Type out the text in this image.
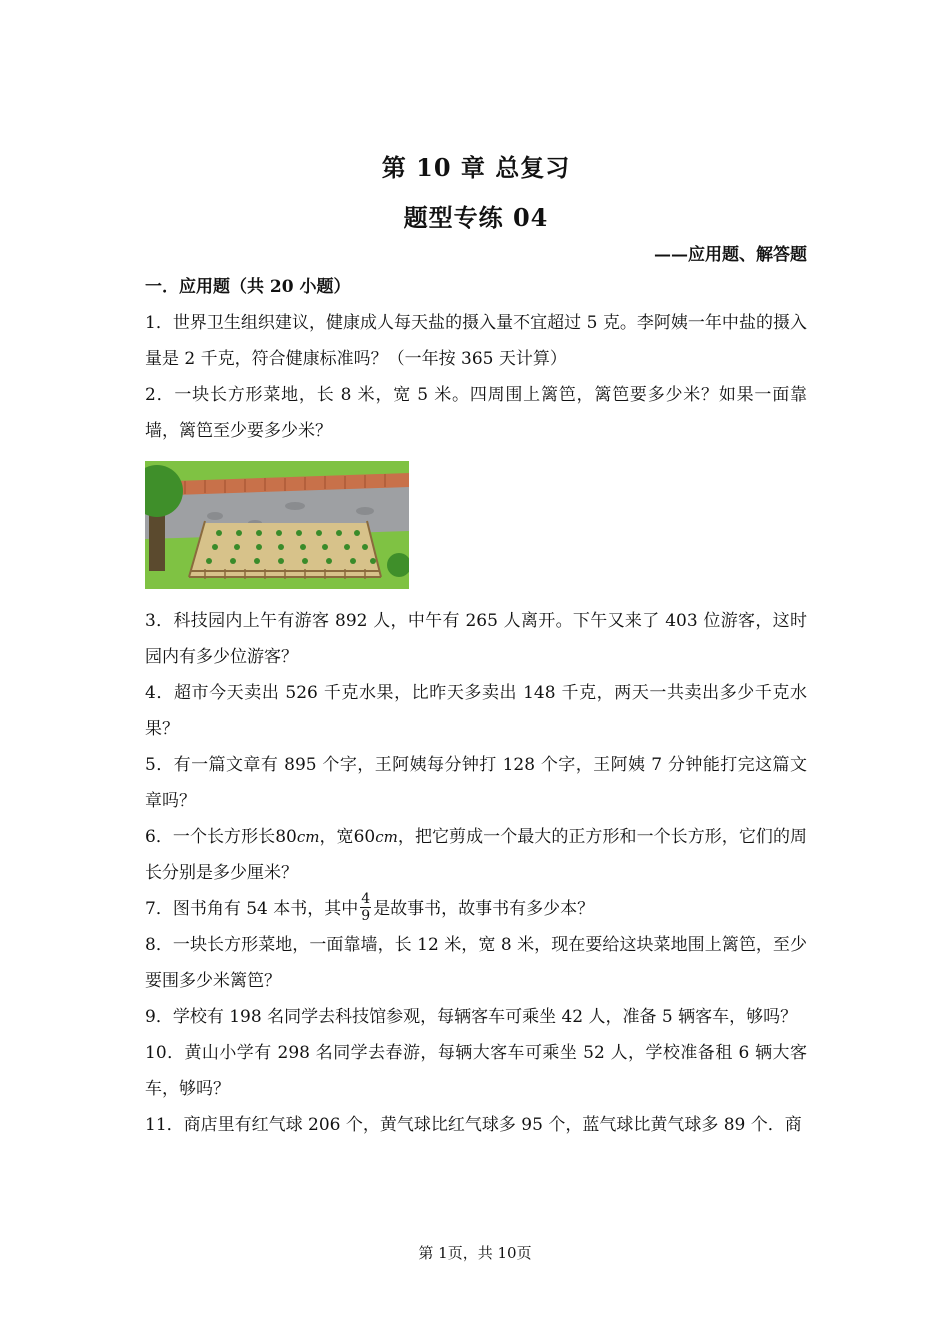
第 10 章 总复习
题型专练 04
——应用题、解答题
一．应用题（共 20 小题）

1．世界卫生组织建议，健康成人每天盐的摄入量不宜超过 5 克。李阿姨一年中盐的摄入量是 2 千克，符合健康标准吗？（一年按 365 天计算）

2．一块长方形菜地，长 8 米，宽 5 米。四周围上篱笆，篱笆要多少米？如果一面靠墙，篱笆至少要多少米？

3．科技园内上午有游客 892 人，中午有 265 人离开。下午又来了 403 位游客，这时园内有多少位游客？

4．超市今天卖出 526 千克水果，比昨天多卖出 148 千克，两天一共卖出多少千克水果？

5．有一篇文章有 895 个字，王阿姨每分钟打 128 个字，王阿姨 7 分钟能打完这篇文章吗？

6．一个长方形长80cm，宽60cm，把它剪成一个最大的正方形和一个长方形，它们的周长分别是多少厘米？

7．图书角有 54 本书，其中 $\frac{4}{9}$ 是故事书，故事书有多少本？

8．一块长方形菜地，一面靠墙，长 12 米，宽 8 米，现在要给这块菜地围上篱笆，至少要围多少米篱笆？

9．学校有 198 名同学去科技馆参观，每辆客车可乘坐 42 人，准备 5 辆客车，够吗？

10．黄山小学有 298 名同学去春游，每辆大客车可乘坐 52 人，学校准备租 6 辆大客车，够吗？

11．商店里有红气球 206 个，黄气球比红气球多 95 个，蓝气球比黄气球多 89 个．商

第 1页，共 10页
